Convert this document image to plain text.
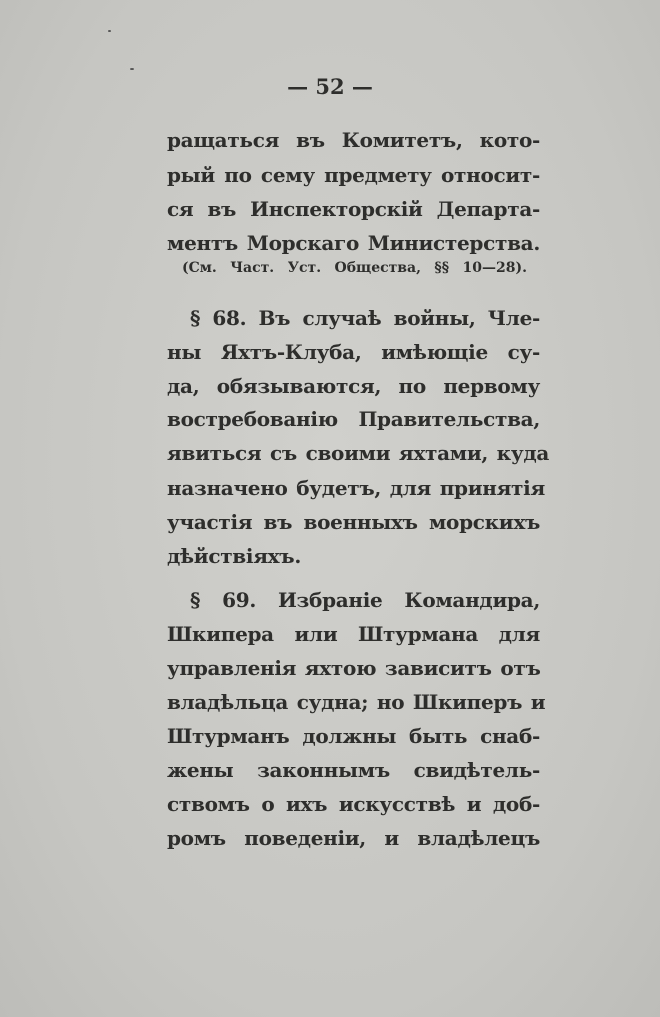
— 52 —
ращаться въ Комитетъ, кото-
рый по сему предмету относит-
ся въ Инспекторскій Департа-
ментъ Морскаго Министерства.
(См. Част. Уст. Общества, §§ 10—28).
§ 68. Въ случаѣ войны, Чле-
ны Яхтъ-Клуба, имѣющіе су-
да, обязываются, по первому
востребованію Правительства,
явиться съ своими яхтами, куда
назначено будетъ, для принятія
участія въ военныхъ морскихъ
дѣйствіяхъ.
§ 69. Избраніе Командира,
Шкипера или Штурмана для
управленія яхтою зависитъ отъ
владѣльца судна; но Шкиперъ и
Штурманъ должны быть снаб-
жены законнымъ свидѣтель-
ствомъ о ихъ искусствѣ и доб-
ромъ поведеніи, и владѣлецъ
